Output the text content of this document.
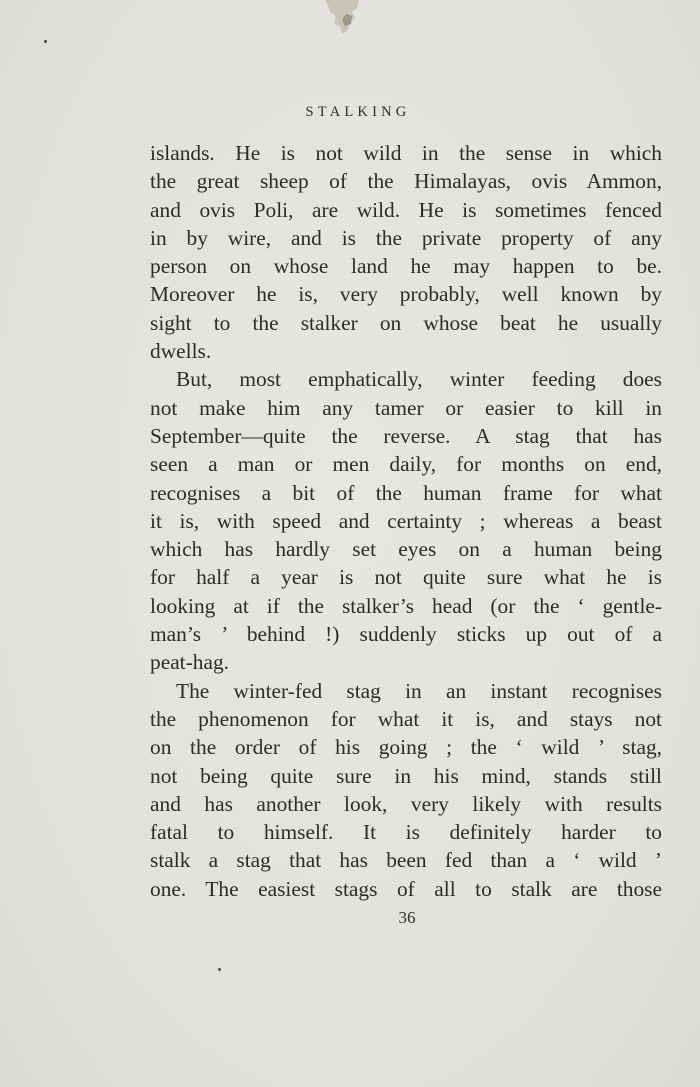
STALKING
islands. He is not wild in the sense in which
the great sheep of the Himalayas, ovis Ammon,
and ovis Poli, are wild. He is sometimes fenced
in by wire, and is the private property of any
person on whose land he may happen to be.
Moreover he is, very probably, well known by
sight to the stalker on whose beat he usually
dwells.
But, most emphatically, winter feeding does
not make him any tamer or easier to kill in
September—quite the reverse. A stag that has
seen a man or men daily, for months on end,
recognises a bit of the human frame for what
it is, with speed and certainty ; whereas a beast
which has hardly set eyes on a human being
for half a year is not quite sure what he is
looking at if the stalker’s head (or the ‘ gentle-
man’s ’ behind !) suddenly sticks up out of a
peat-hag.
The winter-fed stag in an instant recognises
the phenomenon for what it is, and stays not
on the order of his going ; the ‘ wild ’ stag,
not being quite sure in his mind, stands still
and has another look, very likely with results
fatal to himself. It is definitely harder to
stalk a stag that has been fed than a ‘ wild ’
one. The easiest stags of all to stalk are those
36
